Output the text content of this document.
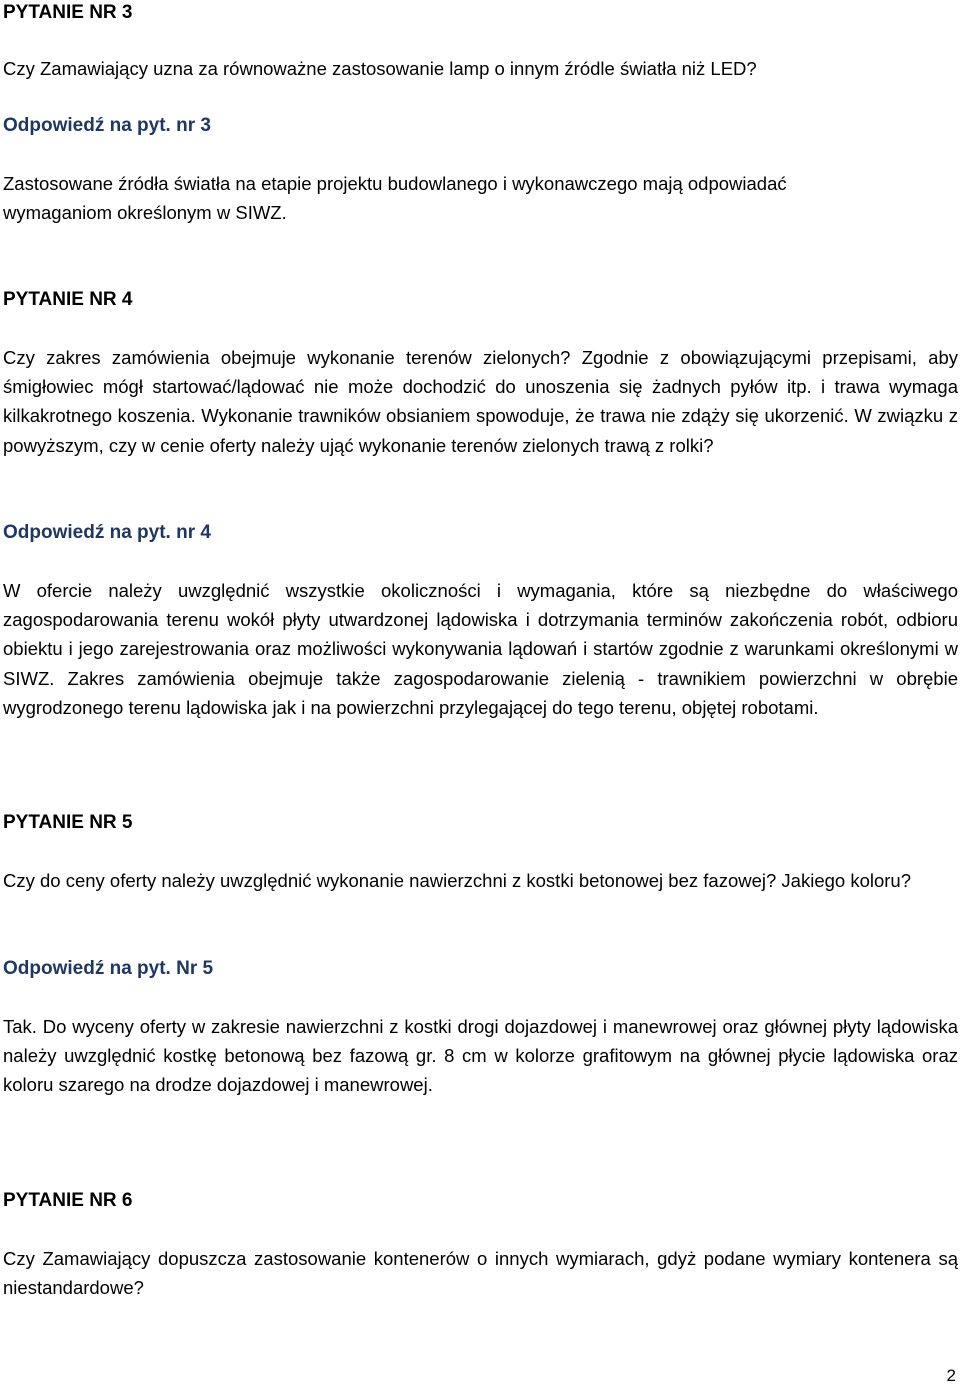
PYTANIE NR 3
Czy Zamawiający uzna za równoważne zastosowanie lamp o innym źródle światła niż LED?
Odpowiedź na pyt. nr 3
Zastosowane źródła światła na etapie projektu budowlanego i wykonawczego mają odpowiadać wymaganiom określonym w SIWZ.
PYTANIE NR 4
Czy zakres zamówienia obejmuje wykonanie terenów zielonych? Zgodnie z obowiązującymi przepisami, aby śmigłowiec mógł startować/lądować nie może dochodzić do unoszenia się żadnych pyłów itp. i trawa wymaga kilkakrotnego koszenia. Wykonanie trawników obsianiem spowoduje, że trawa nie zdąży się ukorzenić. W związku z powyższym, czy w cenie oferty należy ująć wykonanie terenów zielonych trawą z rolki?
Odpowiedź na pyt. nr 4
W ofercie należy uwzględnić wszystkie okoliczności i wymagania, które są niezbędne do właściwego zagospodarowania terenu wokół płyty utwardzonej lądowiska i dotrzymania terminów zakończenia robót, odbioru obiektu i jego zarejestrowania oraz możliwości wykonywania lądowań i startów zgodnie z warunkami określonymi w SIWZ. Zakres zamówienia obejmuje także zagospodarowanie zielenią - trawnikiem powierzchni w obrębie wygrodzonego terenu lądowiska jak i na powierzchni przylegającej do tego terenu, objętej robotami.
PYTANIE NR 5
Czy do ceny oferty należy uwzględnić wykonanie nawierzchni z kostki betonowej bez fazowej? Jakiego koloru?
Odpowiedź na pyt. Nr 5
Tak. Do wyceny oferty w zakresie nawierzchni z kostki drogi dojazdowej i manewrowej oraz głównej płyty lądowiska należy uwzględnić kostkę betonową bez fazową gr. 8 cm w kolorze grafitowym na głównej płycie lądowiska oraz koloru szarego na drodze dojazdowej i manewrowej.
PYTANIE NR 6
Czy Zamawiający dopuszcza zastosowanie kontenerów o innych wymiarach, gdyż podane wymiary kontenera są niestandardowe?
2
